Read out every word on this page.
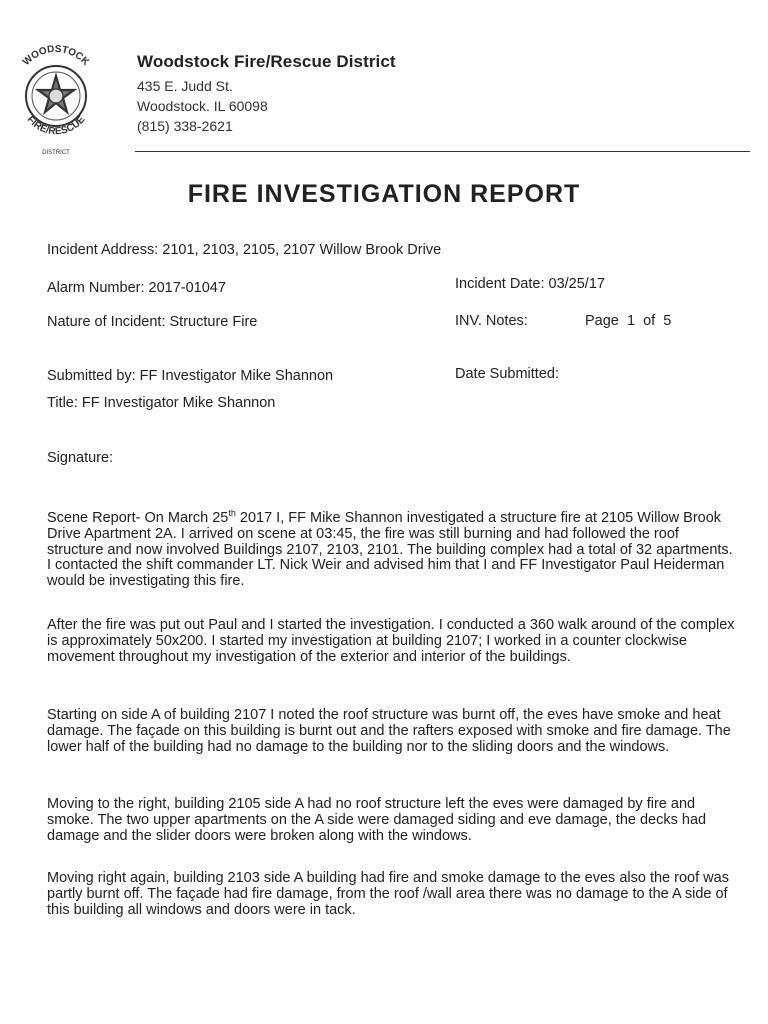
WOODSTOCK
FIRE/RESCUE
DISTRICT
Woodstock Fire/Rescue District
435 E. Judd St.
Woodstock. IL 60098
(815) 338-2621
FIRE INVESTIGATION REPORT
Incident Address: 2101, 2103, 2105, 2107 Willow Brook Drive
Alarm Number: 2017-01047	Incident Date: 03/25/17
Nature of Incident: Structure Fire	INV. Notes:	Page 1 of 5
Submitted by: FF Investigator Mike Shannon	Date Submitted:
Title: FF Investigator Mike Shannon
Signature:
Scene Report- On March 25th 2017 I, FF Mike Shannon investigated a structure fire at 2105 Willow Brook Drive Apartment 2A. I arrived on scene at 03:45, the fire was still burning and had followed the roof structure and now involved Buildings 2107, 2103, 2101. The building complex had a total of 32 apartments. I contacted the shift commander LT. Nick Weir and advised him that I and FF Investigator Paul Heiderman would be investigating this fire.
After the fire was put out Paul and I started the investigation. I conducted a 360 walk around of the complex is approximately 50x200. I started my investigation at building 2107; I worked in a counter clockwise movement throughout my investigation of the exterior and interior of the buildings.
Starting on side A of building 2107 I noted the roof structure was burnt off, the eves have smoke and heat damage. The façade on this building is burnt out and the rafters exposed with smoke and fire damage. The lower half of the building had no damage to the building nor to the sliding doors and the windows.
Moving to the right, building 2105 side A had no roof structure left the eves were damaged by fire and smoke. The two upper apartments on the A side were damaged siding and eve damage, the decks had damage and the slider doors were broken along with the windows.
Moving right again, building 2103 side A building had fire and smoke damage to the eves also the roof was partly burnt off. The façade had fire damage, from the roof /wall area there was no damage to the A side of this building all windows and doors were in tack.
